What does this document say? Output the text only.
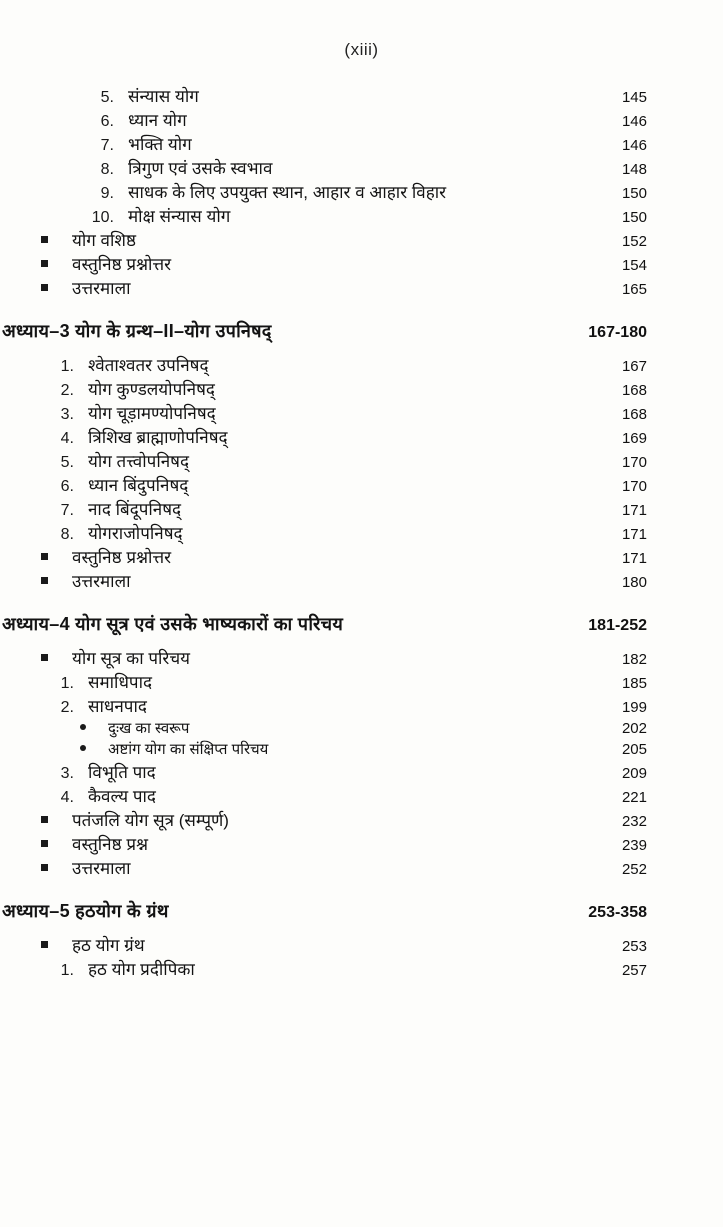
(xiii)
5. संन्यास योग	145
6. ध्यान योग	146
7. भक्ति योग	146
8. त्रिगुण एवं उसके स्वभाव	148
9. साधक के लिए उपयुक्त स्थान, आहार व आहार विहार	150
10. मोक्ष संन्यास योग	150
योग वशिष्ठ	152
वस्तुनिष्ठ प्रश्नोत्तर	154
उत्तरमाला	165
अध्याय–3 योग के ग्रन्थ–II–योग उपनिषद्	167-180
1. श्वेताश्वतर उपनिषद्	167
2. योग कुण्डलयोपनिषद्	168
3. योग चूड़ामण्योपनिषद्	168
4. त्रिशिख ब्राह्माणोपनिषद्	169
5. योग तत्त्वोपनिषद्	170
6. ध्यान बिंदुपनिषद्	170
7. नाद बिंदूपनिषद्	171
8. योगराजोपनिषद्	171
वस्तुनिष्ठ प्रश्नोत्तर	171
उत्तरमाला	180
अध्याय–4 योग सूत्र एवं उसके भाष्यकारों का परिचय	181-252
योग सूत्र का परिचय	182
1. समाधिपाद	185
2. साधनपाद	199
दुःख का स्वरूप	202
अष्टांग योग का संक्षिप्त परिचय	205
3. विभूति पाद	209
4. कैवल्य पाद	221
पतंजलि योग सूत्र (सम्पूर्ण)	232
वस्तुनिष्ठ प्रश्न	239
उत्तरमाला	252
अध्याय–5 हठयोग के ग्रंथ	253-358
हठ योग ग्रंथ	253
1. हठ योग प्रदीपिका	257
